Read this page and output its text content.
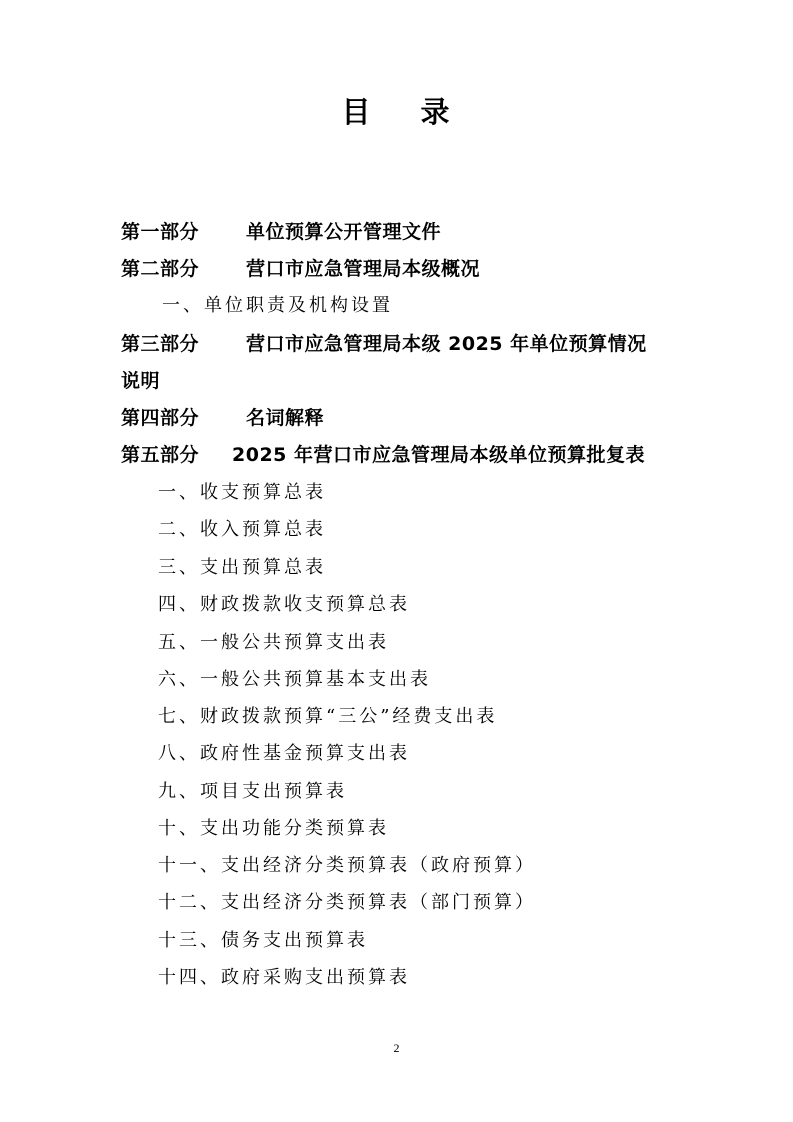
目 录
第一部分 单位预算公开管理文件
第二部分 营口市应急管理局本级概况
一、单位职责及机构设置
第三部分 营口市应急管理局本级 2025 年单位预算情况
说明
第四部分 名词解释
第五部分 2025 年营口市应急管理局本级单位预算批复表
一、收支预算总表
二、收入预算总表
三、支出预算总表
四、财政拨款收支预算总表
五、一般公共预算支出表
六、一般公共预算基本支出表
七、财政拨款预算“三公”经费支出表
八、政府性基金预算支出表
九、项目支出预算表
十、支出功能分类预算表
十一、支出经济分类预算表（政府预算）
十二、支出经济分类预算表（部门预算）
十三、债务支出预算表
十四、政府采购支出预算表
2
